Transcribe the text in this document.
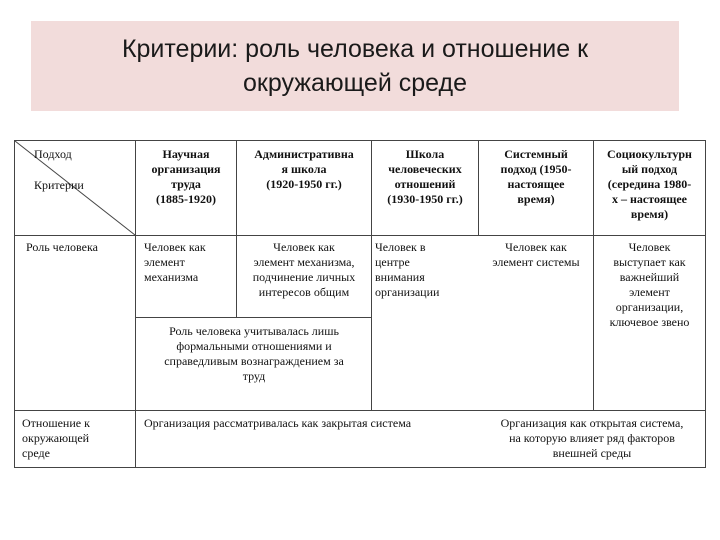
Критерии: роль человека и отношение к
окружающей среде
Подход
Критерии
Научная
организация
труда
(1885-1920)
Административна
я школа
(1920-1950 гг.)
Школа
человеческих
отношений
(1930-1950 гг.)
Системный
подход (1950-
настоящее
время)
Социокультурн
ый подход
(середина 1980-
х – настоящее
время)
Роль человека	Человек как
элемент
механизма
Человек как
элемент механизма,
подчинение личных
интересов общим
Человек в
центре
внимания
организации
Человек как
элемент системы
Человек
выступает как
важнейший
элемент
организации,
ключевое звено
Роль человека учитывалась лишь
формальными отношениями и
справедливым вознаграждением за
труд
Отношение к
окружающей
среде
Организация рассматривалась как закрытая система	Организация как открытая система,
на которую влияет ряд факторов
внешней среды
